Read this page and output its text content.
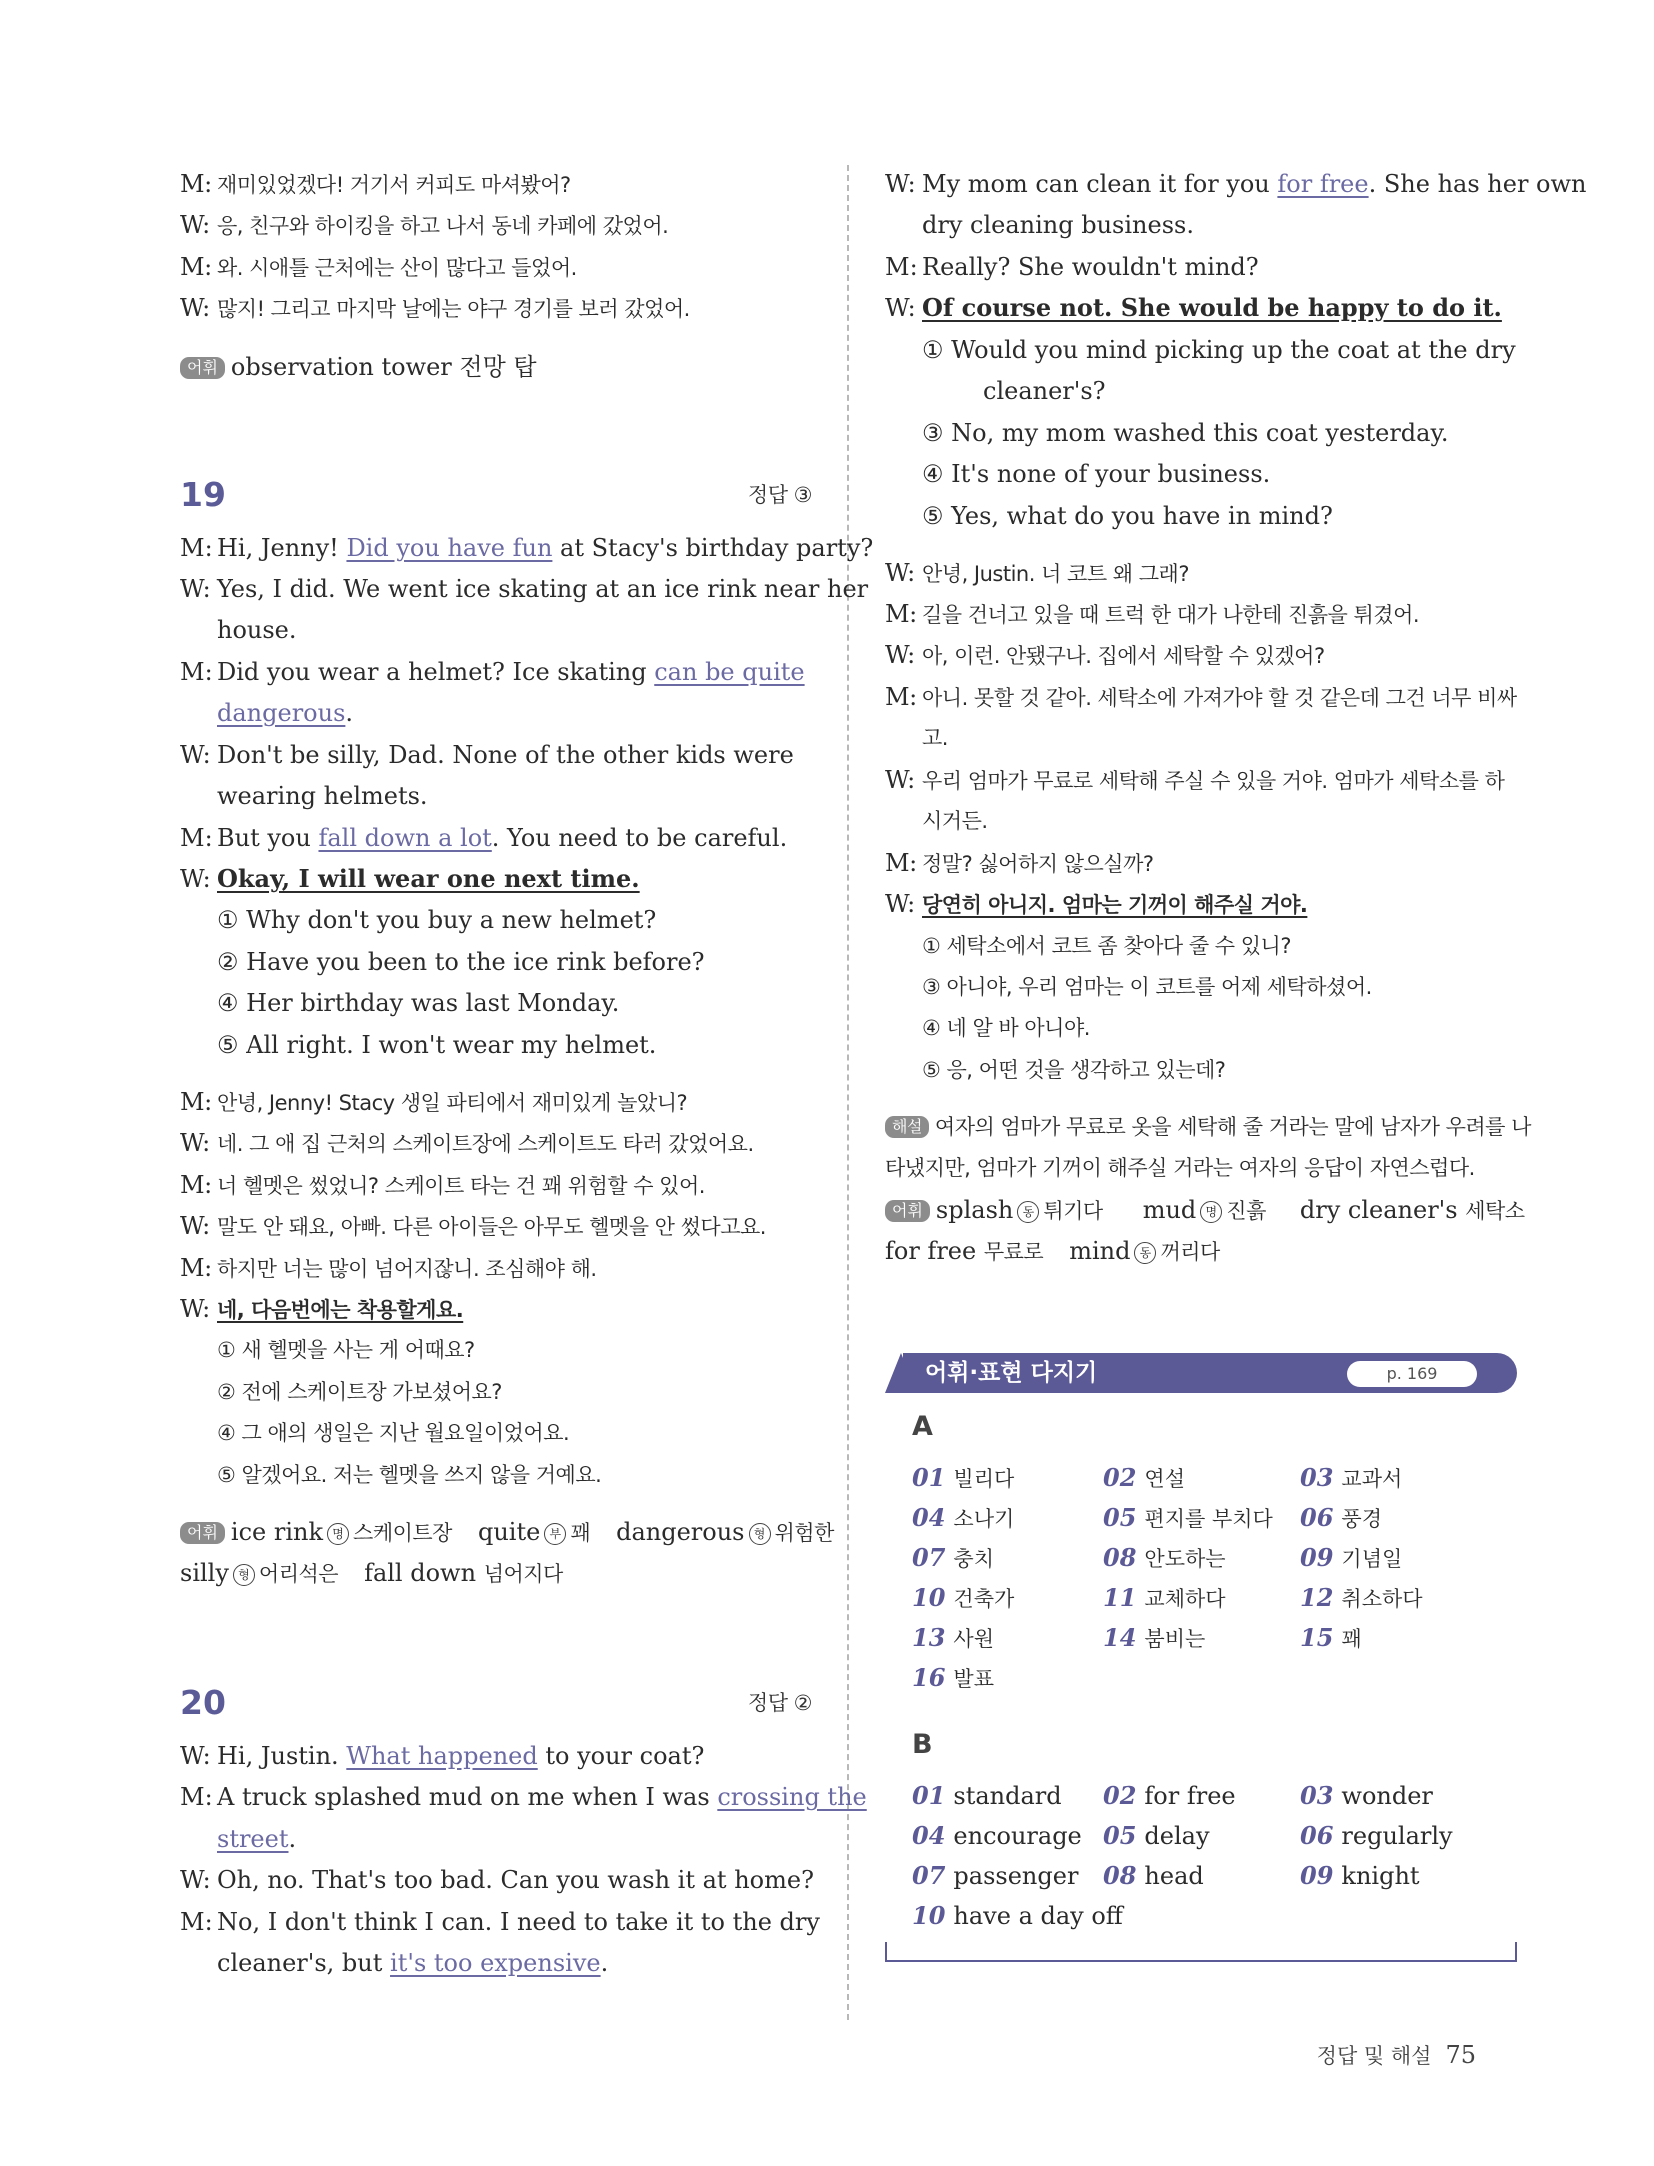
M: 재미있었겠다! 거기서 커피도 마셔봤어?
W: 응, 친구와 하이킹을 하고 나서 동네 카페에 갔었어.
M: 와. 시애틀 근처에는 산이 많다고 들었어.
W: 많지! 그리고 마지막 날에는 야구 경기를 보러 갔었어.
어휘 observation tower 전망 탑
19	정답 ③
M: Hi, Jenny! Did you have fun at Stacy's birthday party?
W: Yes, I did. We went ice skating at an ice rink near her
house.
M: Did you wear a helmet? Ice skating can be quite
dangerous.
W: Don't be silly, Dad. None of the other kids were
wearing helmets.
M: But you fall down a lot. You need to be careful.
W: Okay, I will wear one next time.
① Why don't you buy a new helmet?
② Have you been to the ice rink before?
④ Her birthday was last Monday.
⑤ All right. I won't wear my helmet.
M: 안녕, Jenny! Stacy 생일 파티에서 재미있게 놀았니?
W: 네. 그 애 집 근처의 스케이트장에 스케이트도 타러 갔었어요.
M: 너 헬멧은 썼었니? 스케이트 타는 건 꽤 위험할 수 있어.
W: 말도 안 돼요, 아빠. 다른 아이들은 아무도 헬멧을 안 썼다고요.
M: 하지만 너는 많이 넘어지잖니. 조심해야 해.
W: 네, 다음번에는 착용할게요.
① 새 헬멧을 사는 게 어때요?
② 전에 스케이트장 가보셨어요?
④ 그 애의 생일은 지난 월요일이었어요.
⑤ 알겠어요. 저는 헬멧을 쓰지 않을 거예요.
어휘 ice rink 명 스케이트장 quite 부 꽤 dangerous 형 위험한
silly 형 어리석은 fall down 넘어지다
20	정답 ②
W: Hi, Justin. What happened to your coat?
M: A truck splashed mud on me when I was crossing the
street.
W: Oh, no. That's too bad. Can you wash it at home?
M: No, I don't think I can. I need to take it to the dry
cleaner's, but it's too expensive.
W: My mom can clean it for you for free. She has her own
dry cleaning business.
M: Really? She wouldn't mind?
W: Of course not. She would be happy to do it.
① Would you mind picking up the coat at the dry
cleaner's?
③ No, my mom washed this coat yesterday.
④ It's none of your business.
⑤ Yes, what do you have in mind?
W: 안녕, Justin. 너 코트 왜 그래?
M: 길을 건너고 있을 때 트럭 한 대가 나한테 진흙을 튀겼어.
W: 아, 이런. 안됐구나. 집에서 세탁할 수 있겠어?
M: 아니. 못할 것 같아. 세탁소에 가져가야 할 것 같은데 그건 너무 비싸
고.
W: 우리 엄마가 무료로 세탁해 주실 수 있을 거야. 엄마가 세탁소를 하
시거든.
M: 정말? 싫어하지 않으실까?
W: 당연히 아니지. 엄마는 기꺼이 해주실 거야.
① 세탁소에서 코트 좀 찾아다 줄 수 있니?
③ 아니야, 우리 엄마는 이 코트를 어제 세탁하셨어.
④ 네 알 바 아니야.
⑤ 응, 어떤 것을 생각하고 있는데?
해설 여자의 엄마가 무료로 옷을 세탁해 줄 거라는 말에 남자가 우려를 나
타냈지만, 엄마가 기꺼이 해주실 거라는 여자의 응답이 자연스럽다.
어휘 splash 동 튀기다 mud 명 진흙 dry cleaner's 세탁소
for free 무료로 mind 동 꺼리다
어휘·표현 다지기	p. 169
A
01 빌리다	02 연설	03 교과서
04 소나기	05 편지를 부치다 06 풍경
07 충치	08 안도하는	09 기념일
10 건축가	11 교체하다	12 취소하다
13 사원	14 붐비는	15 꽤
16 발표
B
01 standard 02 for free	03 wonder
04 encourage 05 delay	06 regularly
07 passenger 08 head	09 knight
10 have a day off
정답 및 해설 75
